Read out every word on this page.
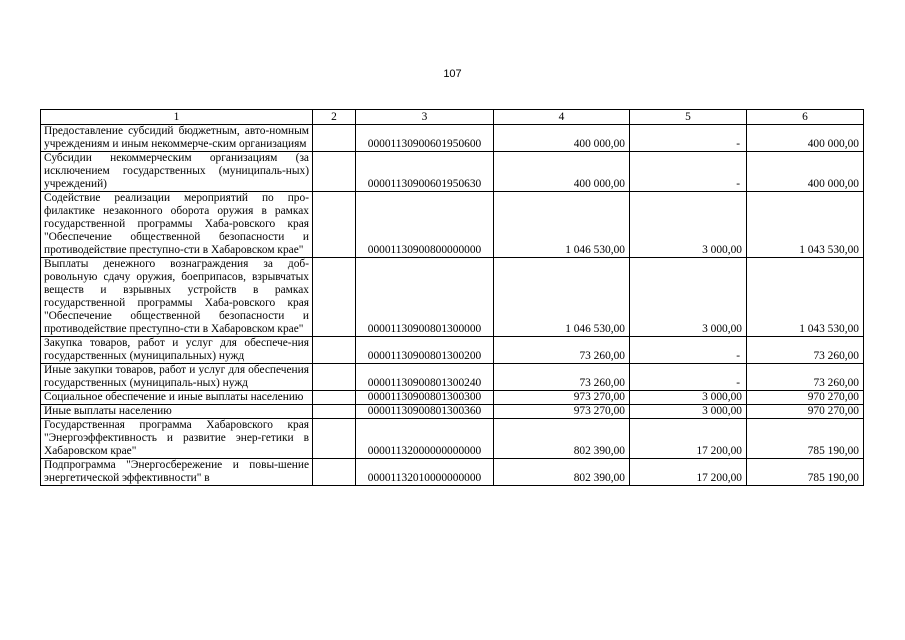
107
1	2	3	4	5	6
Предоставление субсидий бюджетным, авто-номным учреждениям и иным некоммерче-ским организациям		00001130900601950600	400 000,00	-	400 000,00
Субсидии некоммерческим организациям (за исключением государственных (муниципаль-ных) учреждений)		00001130900601950630	400 000,00	-	400 000,00
Содействие реализации мероприятий по про-филактике незаконного оборота оружия в рамках государственной программы Хаба-ровского края "Обеспечение общественной безопасности и противодействие преступно-сти в Хабаровском крае"		00001130900800000000	1 046 530,00	3 000,00	1 043 530,00
Выплаты денежного вознаграждения за доб-ровольную сдачу оружия, боеприпасов, взрывчатых веществ и взрывных устройств в рамках государственной программы Хаба-ровского края "Обеспечение общественной безопасности и противодействие преступно-сти в Хабаровском крае"		00001130900801300000	1 046 530,00	3 000,00	1 043 530,00
Закупка товаров, работ и услуг для обеспече-ния государственных (муниципальных) нужд		00001130900801300200	73 260,00	-	73 260,00
Иные закупки товаров, работ и услуг для обеспечения государственных (муниципаль-ных) нужд		00001130900801300240	73 260,00	-	73 260,00
Социальное обеспечение и иные выплаты населению		00001130900801300300	973 270,00	3 000,00	970 270,00
Иные выплаты населению		00001130900801300360	973 270,00	3 000,00	970 270,00
Государственная программа Хабаровского края "Энергоэффективность и развитие энер-гетики в Хабаровском крае"		00001132000000000000	802 390,00	17 200,00	785 190,00
Подпрограмма "Энергосбережение и повы-шение энергетической эффективности" в		00001132010000000000	802 390,00	17 200,00	785 190,00
